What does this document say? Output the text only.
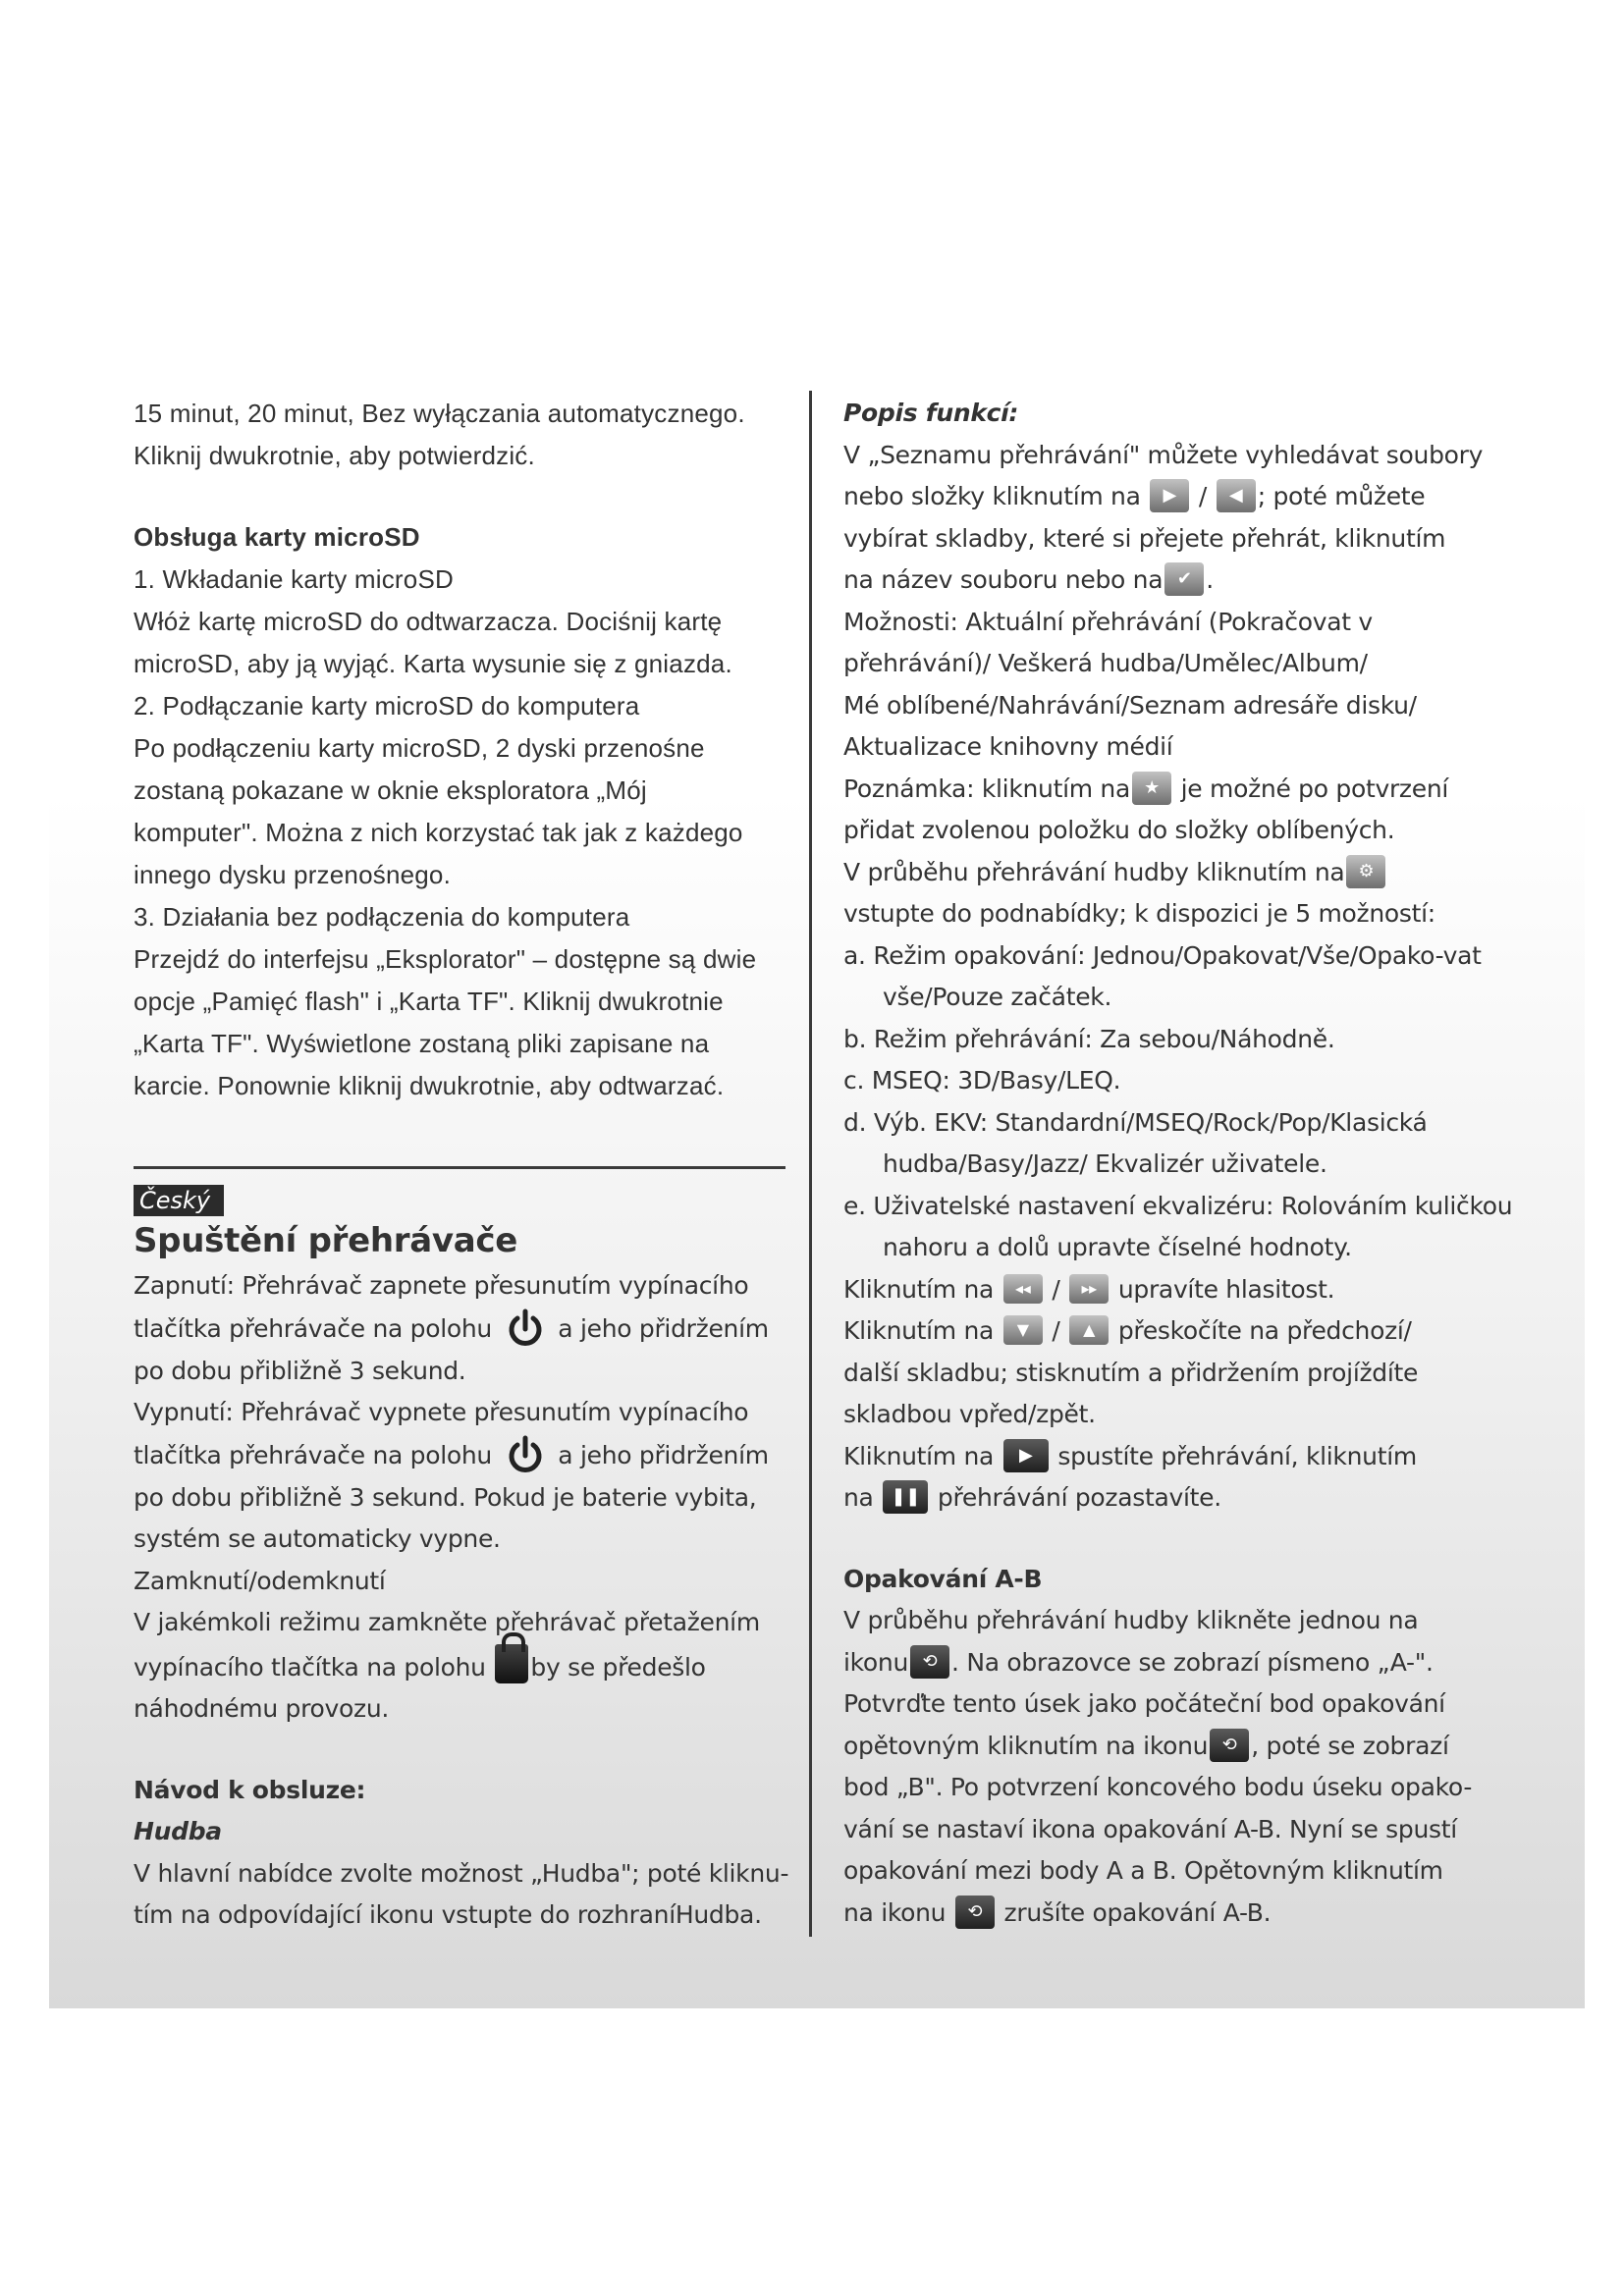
15 minut, 20 minut, Bez wyłączania automatycznego.

Kliknij dwukrotnie, aby potwierdzić.

Obsługa karty microSD

1. Wkładanie karty microSD

Włóż kartę microSD do odtwarzacza. Dociśnij kartę

microSD, aby ją wyjąć. Karta wysunie się z gniazda.

2. Podłączanie karty microSD do komputera

Po podłączeniu karty microSD, 2 dyski przenośne

zostaną pokazane w oknie eksploratora „Mój

komputer". Można z nich korzystać tak jak z każdego

innego dysku przenośnego.

3. Działania bez podłączenia do komputera

Przejdź do interfejsu „Eksplorator" – dostępne są dwie

opcje „Pamięć flash" i „Karta TF". Kliknij dwukrotnie

„Karta TF". Wyświetlone zostaną pliki zapisane na

karcie. Ponownie kliknij dwukrotnie, aby odtwarzać.

Český
Spuštění přehrávače

Zapnutí: Přehrávač zapnete přesunutím vypínacího

tlačítka přehrávače na polohu	a jeho přidržením

po dobu přibližně 3 sekund.

Vypnutí: Přehrávač vypnete přesunutím vypínacího

tlačítka přehrávače na polohu	a jeho přidržením

po dobu přibližně 3 sekund. Pokud je baterie vybita,

systém se automaticky vypne.

Zamknutí/odemknutí

V jakémkoli režimu zamkněte přehrávač přetažením

vypínacího tlačítka na polohu by se předešlo

náhodnému provozu.

Návod k obsluze:

Hudba

V hlavní nabídce zvolte možnost „Hudba"; poté kliknu-

tím na odpovídající ikonu vstupte do rozhraníHudba.

Popis funkcí:

V „Seznamu přehrávání" můžete vyhledávat soubory

nebo složky kliknutím na	▶ /	◀ ; poté můžete

vybírat skladby, které si přejete přehrát, kliknutím

na název souboru nebo na ✔ .

Možnosti: Aktuální přehrávání (Pokračovat v

přehrávání)/ Veškerá hudba/Umělec/Album/

Mé oblíbené/Nahrávání/Seznam adresáře disku/

Aktualizace knihovny médií

Poznámka: kliknutím na ★ je možné po potvrzení

přidat zvolenou položku do složky oblíbených.

V průběhu přehrávání hudby kliknutím na ⚙

vstupte do podnabídky; k dispozici je 5 možností:

a. Režim opakování: Jednou/Opakovat/Vše/Opako-vat vše/Pouze začátek.

b. Režim přehrávání: Za sebou/Náhodně.

c. MSEQ: 3D/Basy/LEQ.

d. Výb. EKV: Standardní/MSEQ/Rock/Pop/Klasická hudba/Basy/Jazz/ Ekvalizér uživatele.

e. Uživatelské nastavení ekvalizéru: Rolováním kuličkou nahoru a dolů upravte číselné hodnoty.

Kliknutím na	◂◂ /	▸▸ upravíte hlasitost.

Kliknutím na	▼ /	▲ přeskočíte na předchozí/

další skladbu; stisknutím a přidržením projíždíte

skladbou vpřed/zpět.

Kliknutím na	▶	spustíte přehrávání, kliknutím

na ❚❚ přehrávání pozastavíte.

Opakování A-B

V průběhu přehrávání hudby klikněte jednou na

ikonu ⟲ . Na obrazovce se zobrazí písmeno „A-".

Potvrďte tento úsek jako počáteční bod opakování

opětovným kliknutím na ikonu ⟲ , poté se zobrazí

bod „B". Po potvrzení koncového bodu úseku opako-

vání se nastaví ikona opakování A-B. Nyní se spustí

opakování mezi body A a B. Opětovným kliknutím

na ikonu	⟲ zrušíte opakování A-B.
